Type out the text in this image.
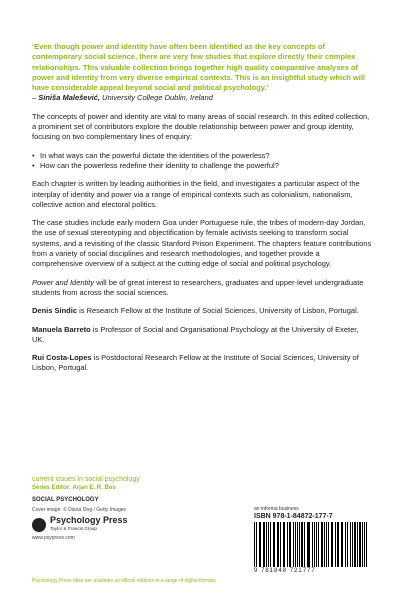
‘Even though power and identity have often been identified as the key concepts of contemporary social science, there are very few studies that explore directly their complex relationships. This valuable collection brings together high quality comparative analyses of power and identity from very diverse empirical contexts. This is an insightful study which will have considerable appeal beyond social and political psychology.’

– Siniša Malešević, University College Dublin, Ireland

The concepts of power and identity are vital to many areas of social research. In this edited collection, a prominent set of contributors explore the double relationship between power and group identity, focusing on two complementary lines of enquiry:

• In what ways can the powerful dictate the identities of the powerless?
• How can the powerless redefine their identity to challenge the powerful?

Each chapter is written by leading authorities in the field, and investigates a particular aspect of the interplay of identity and power via a range of empirical contexts such as colonialism, nationalism, collective action and electoral politics.

The case studies include early modern Goa under Portuguese rule, the tribes of modern-day Jordan, the use of sexual stereotyping and objectification by female activists seeking to transform social systems, and a revisiting of the classic Stanford Prison Experiment. The chapters feature contributions from a variety of social disciplines and research methodologies, and together provide a comprehensive overview of a subject at the cutting edge of social and political psychology.

Power and Identity will be of great interest to researchers, graduates and upper-level undergraduate students from across the social sciences.

Denis Sindic is Research Fellow at the Institute of Social Sciences, University of Lisbon, Portugal.

Manuela Barreto is Professor of Social and Organisational Psychology at the University of Exeter, UK.

Rui Costa-Lopes is Postdoctoral Research Fellow at the Institute of Social Sciences, University of Lisbon, Portugal.

current issues in social psychology
Series Editor: Arjan E. R. Bos
SOCIAL PSYCHOLOGY
Cover image: © Diana Ong / Getty Images
Psychology Press
Taylor & Francis Group
www.psypress.com
an informa business
ISBN 978-1-84872-177-7
9 781848 721777
Psychology Press titles are available as eBook editions in a range of digital formats
